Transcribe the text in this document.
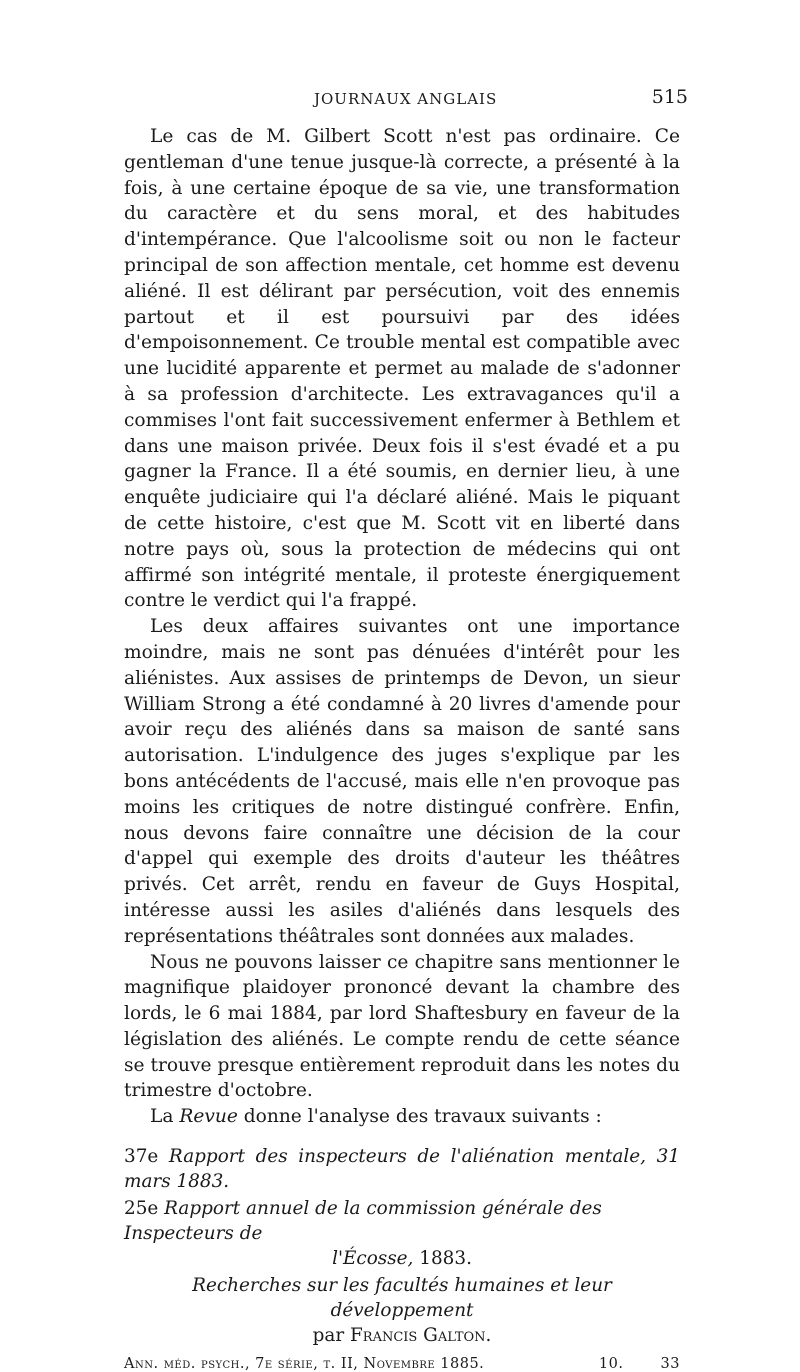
JOURNAUX ANGLAIS	515

Le cas de M. Gilbert Scott n'est pas ordinaire. Ce gentleman d'une tenue jusque-là correcte, a présenté à la fois, à une certaine époque de sa vie, une transformation du caractère et du sens moral, et des habitudes d'intempérance. Que l'alcoolisme soit ou non le facteur principal de son affection mentale, cet homme est devenu aliéné. Il est délirant par persécution, voit des ennemis partout et il est poursuivi par des idées d'empoisonnement. Ce trouble mental est compatible avec une lucidité apparente et permet au malade de s'adonner à sa profession d'architecte. Les extravagances qu'il a commises l'ont fait successivement enfermer à Bethlem et dans une maison privée. Deux fois il s'est évadé et a pu gagner la France. Il a été soumis, en dernier lieu, à une enquête judiciaire qui l'a déclaré aliéné. Mais le piquant de cette histoire, c'est que M. Scott vit en liberté dans notre pays où, sous la protection de médecins qui ont affirmé son intégrité mentale, il proteste énergiquement contre le verdict qui l'a frappé.

Les deux affaires suivantes ont une importance moindre, mais ne sont pas dénuées d'intérêt pour les aliénistes. Aux assises de printemps de Devon, un sieur William Strong a été condamné à 20 livres d'amende pour avoir reçu des aliénés dans sa maison de santé sans autorisation. L'indulgence des juges s'explique par les bons antécédents de l'accusé, mais elle n'en provoque pas moins les critiques de notre distingué confrère. Enfin, nous devons faire connaître une décision de la cour d'appel qui exemple des droits d'auteur les théâtres privés. Cet arrêt, rendu en faveur de Guys Hospital, intéresse aussi les asiles d'aliénés dans lesquels des représentations théâtrales sont données aux malades.

Nous ne pouvons laisser ce chapitre sans mentionner le magnifique plaidoyer prononcé devant la chambre des lords, le 6 mai 1884, par lord Shaftesbury en faveur de la législation des aliénés. Le compte rendu de cette séance se trouve presque entièrement reproduit dans les notes du trimestre d'octobre.

La Revue donne l'analyse des travaux suivants :

37e Rapport des inspecteurs de l'aliénation mentale, 31 mars 1883.
25e Rapport annuel de la commission générale des Inspecteurs de
l'Écosse, 1883.
Recherches sur les facultés humaines et leur développement
par Francis Galton.
Ann. méd. psych., 7e série, t. II, Novembre 1885.	10.	33
